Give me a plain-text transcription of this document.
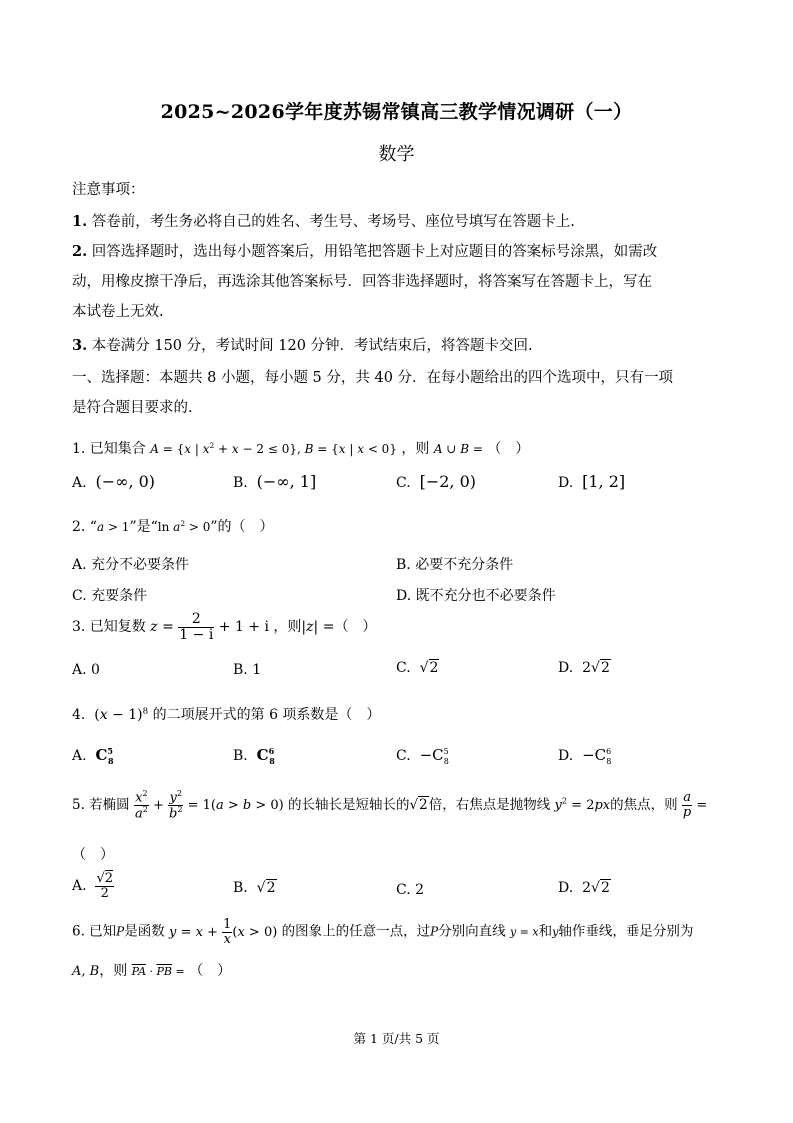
2025~2026学年度苏锡常镇高三教学情况调研（一）
数学
注意事项：
1. 答卷前，考生务必将自己的姓名、考生号、考场号、座位号填写在答题卡上.
2. 回答选择题时，选出每小题答案后，用铅笔把答题卡上对应题目的答案标号涂黑，如需改
动，用橡皮擦干净后，再选涂其他答案标号．回答非选择题时，将答案写在答题卡上，写在
本试卷上无效.
3. 本卷满分 150 分，考试时间 120 分钟．考试结束后，将答题卡交回.
一、选择题：本题共 8 小题，每小题 5 分，共 40 分．在每小题给出的四个选项中，只有一项
是符合题目要求的.
1. 已知集合 A = {x | $x^2 + x - 2 \le 0$}, B = {x | x < 0} ，则 A ∪ B = （　）
A. (−∞, 0)	B. (−∞, 1]	C. [−2, 0)	D. [1, 2]
2. “a > 1”是“ln $a^2 > 0$”的（　）
A. 充分不必要条件	B. 必要不充分条件
C. 充要条件	D. 既不充分也不必要条件
3. 已知复数 $z = \frac{2}{1 - i} + 1 + i$ ，则|z| =（　）
A. 0	B. 1	C. √2	D. 2√2
4.  $(x - 1)^8$ 的二项展开式的第 6 项系数是（　）
A. $C^5_8$	B. $C^6_8$	C. $-C^5_8$	D. $-C^6_8$
5. 若椭圆 $\frac{x^2}{a^2} + \frac{y^2}{b^2} = 1(a > b > 0)$ 的长轴长是短轴长的√2倍，右焦点是抛物线 $y^2 = 2px$的焦点，则 $\frac{a}{p}$ =
（　）
A. $\frac{√2}{2}$	B. √2	C. 2	D. 2√2
6. 已知P是函数 $y = x + \frac{1}{x} (x > 0)$ 的图象上的任意一点，过P分别向直线 y = x和y轴作垂线，垂足分别为
A, B，则 $\overline{PA} \cdot \overline{PB}$ = （　）
第 1 页/共 5 页
